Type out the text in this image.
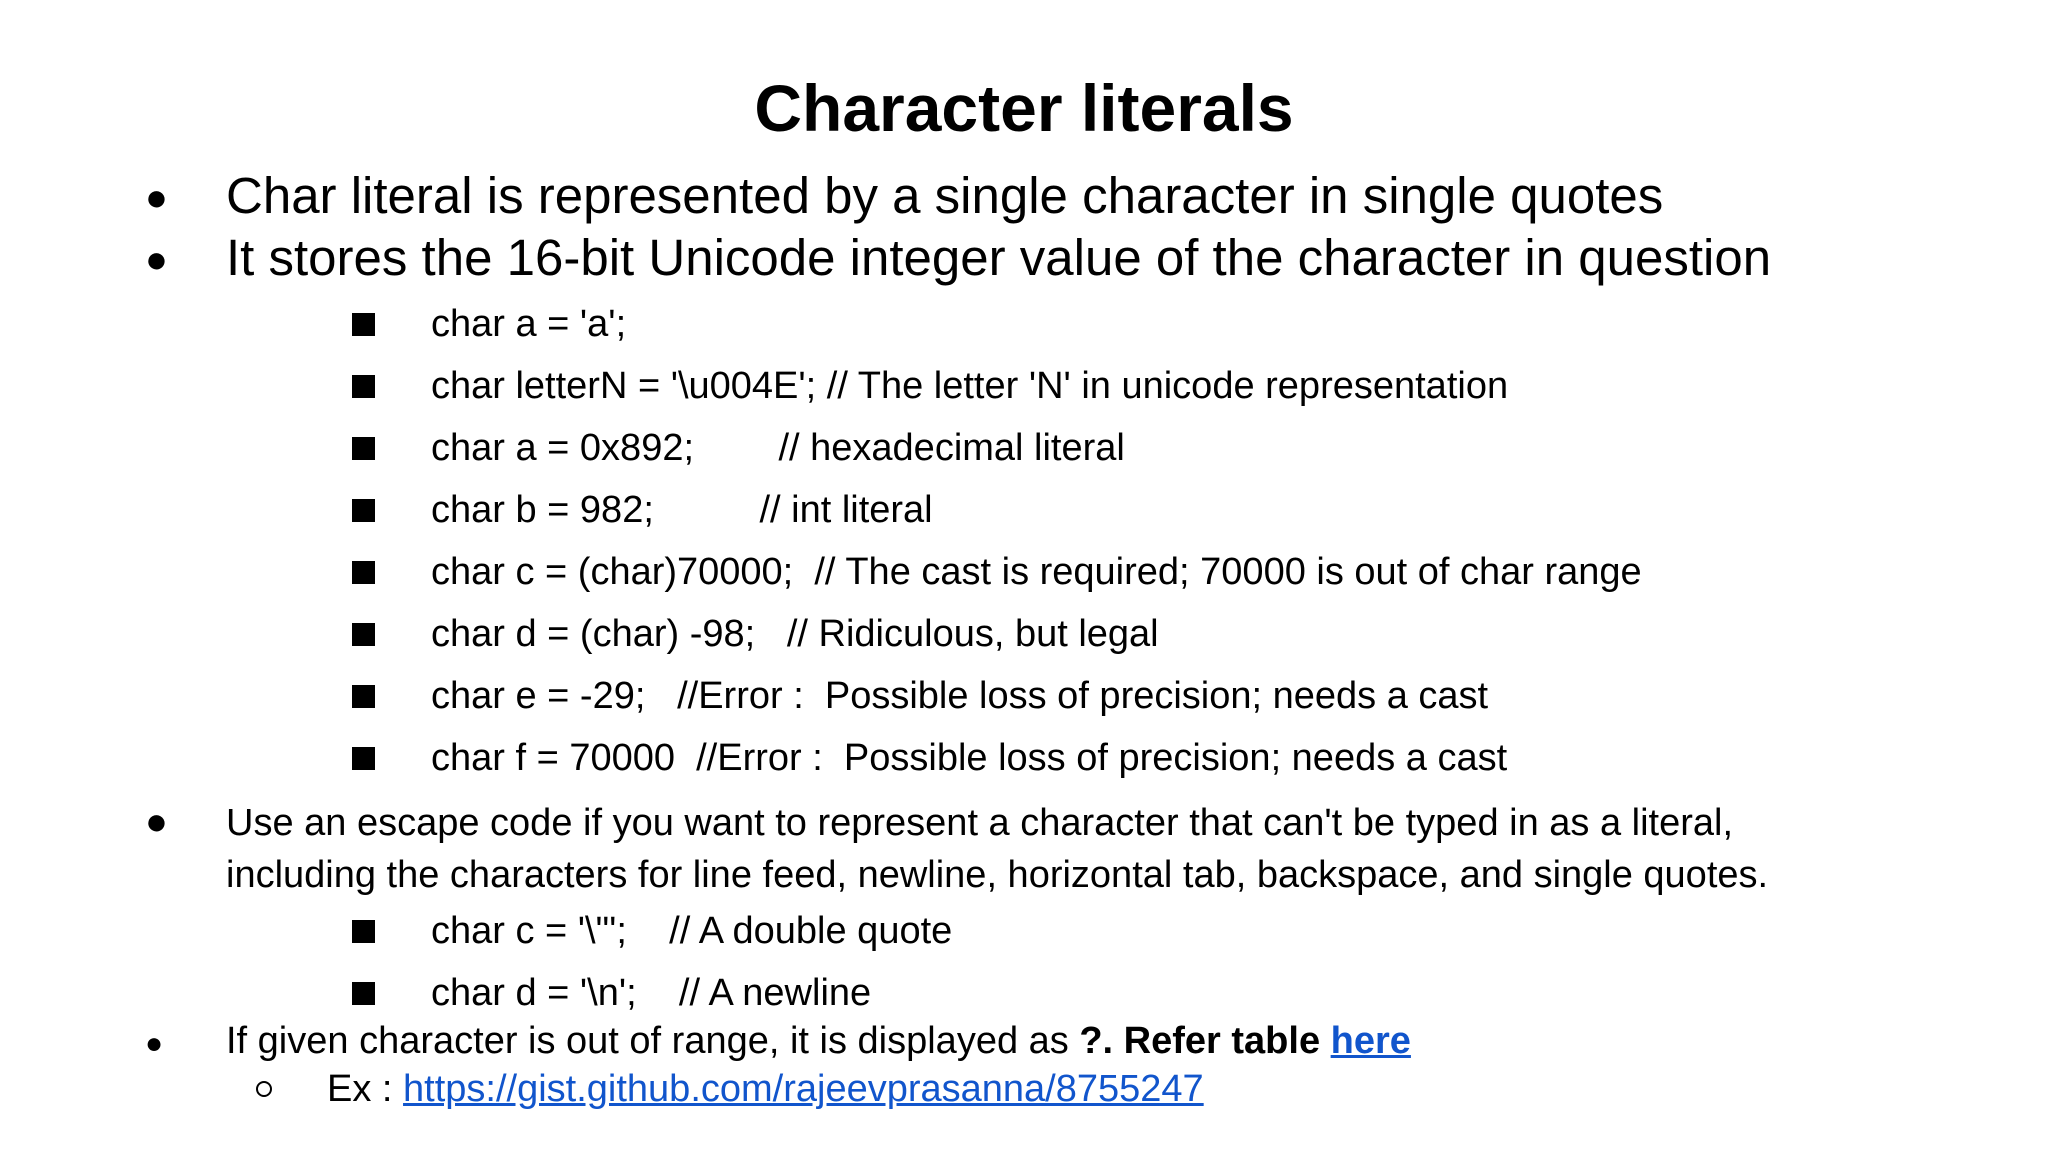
Character literals
● Char literal is represented by a single character in single quotes
● It stores the 16-bit Unicode integer value of the character in question
char a = 'a';
char letterN = '\u004E'; // The letter 'N' in unicode representation
char a = 0x892;        // hexadecimal literal
char b = 982;          // int literal
char c = (char)70000;  // The cast is required; 70000 is out of char range
char d = (char) -98;   // Ridiculous, but legal
char e = -29;   //Error :  Possible loss of precision; needs a cast
char f = 70000  //Error :  Possible loss of precision; needs a cast
● Use an escape code if you want to represent a character that can't be typed in as a literal,
including the characters for line feed, newline, horizontal tab, backspace, and single quotes.
char c = '\"';    // A double quote
char d = '\n';    // A newline
● If given character is out of range, it is displayed as ?. Refer table here
Ex : https://gist.github.com/rajeevprasanna/8755247
